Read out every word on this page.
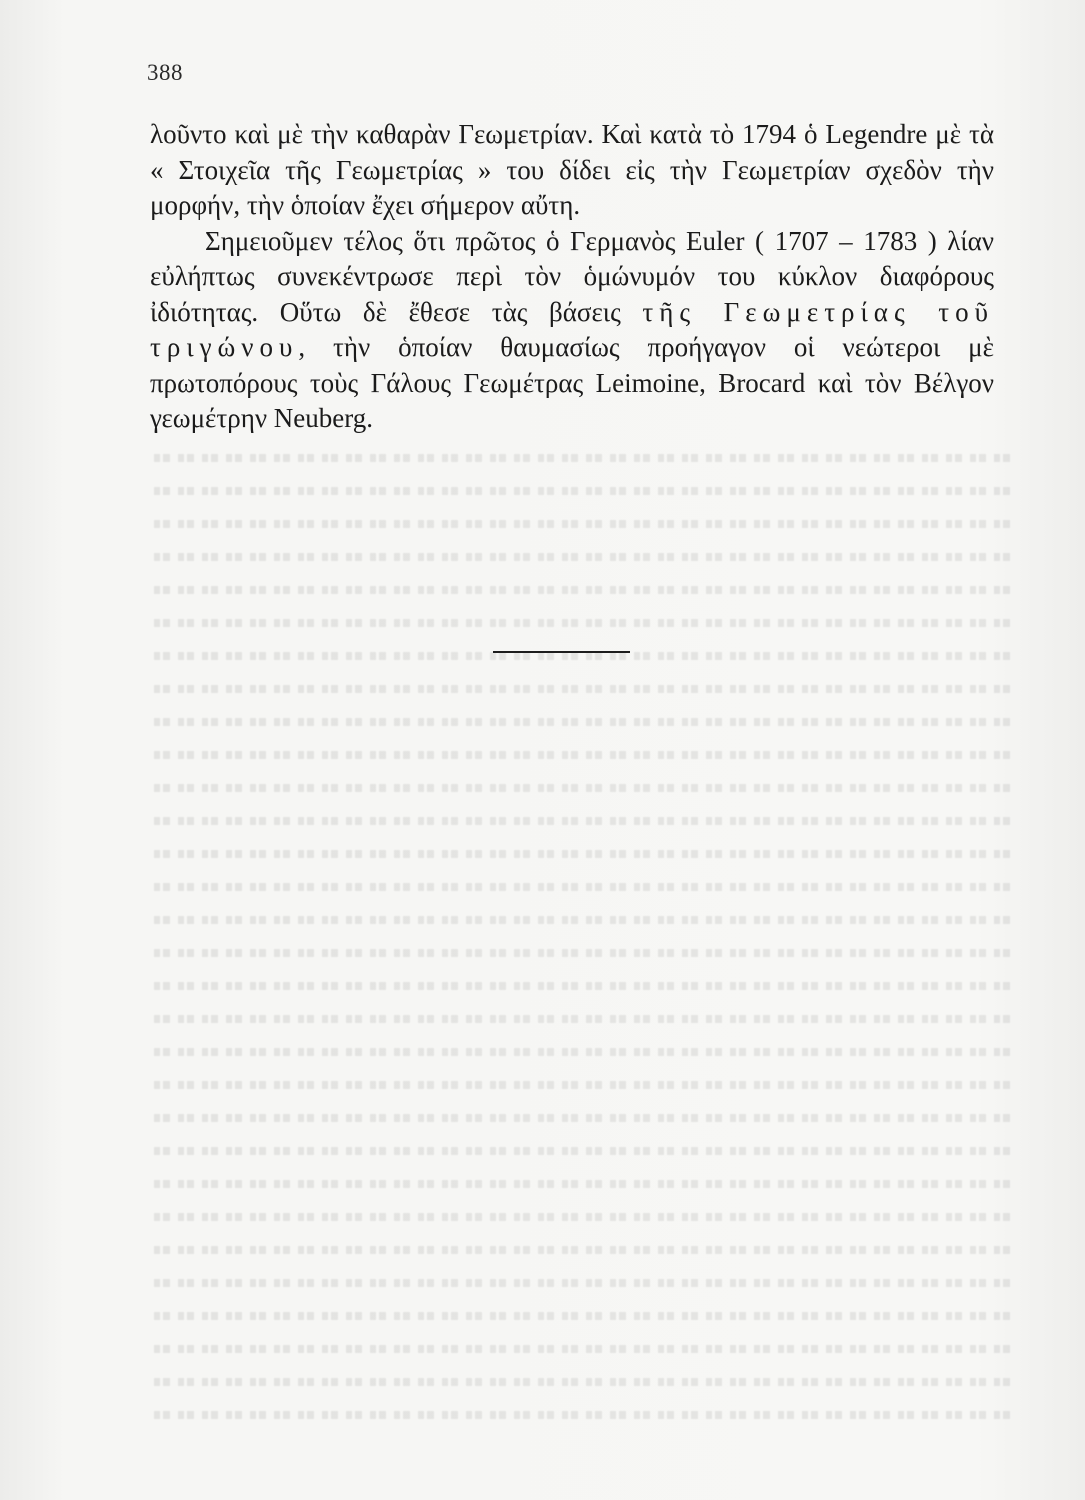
388

λοῦντο καὶ μὲ τὴν καθαρὰν Γεωμετρίαν. Καὶ κατὰ τὸ 1794 ὁ Legendre μὲ τὰ « Στοιχεῖα τῆς Γεωμετρίας » του δίδει εἰς τὴν Γεωμετρίαν σχεδὸν τὴν μορφήν, τὴν ὁποίαν ἔχει σήμερον αὔτη.

Σημειοῦμεν τέλος ὅτι πρῶτος ὁ Γερμανὸς Euler ( 1707 – 1783 ) λίαν εὐλήπτως συνεκέντρωσε περὶ τὸν ὁμώνυμόν του κύκλον διαφόρους ἰδιότητας. Οὕτω δὲ ἔθεσε τὰς βάσεις τῆς Γεωμετρίας τοῦ τριγώνου, τὴν ὁποίαν θαυμασίως προήγαγον οἱ νεώτεροι μὲ πρωτοπόρους τοὺς Γάλους Γεωμέτρας Leimoine, Brocard καὶ τὸν Βέλγον γεωμέτρην Neuberg.
